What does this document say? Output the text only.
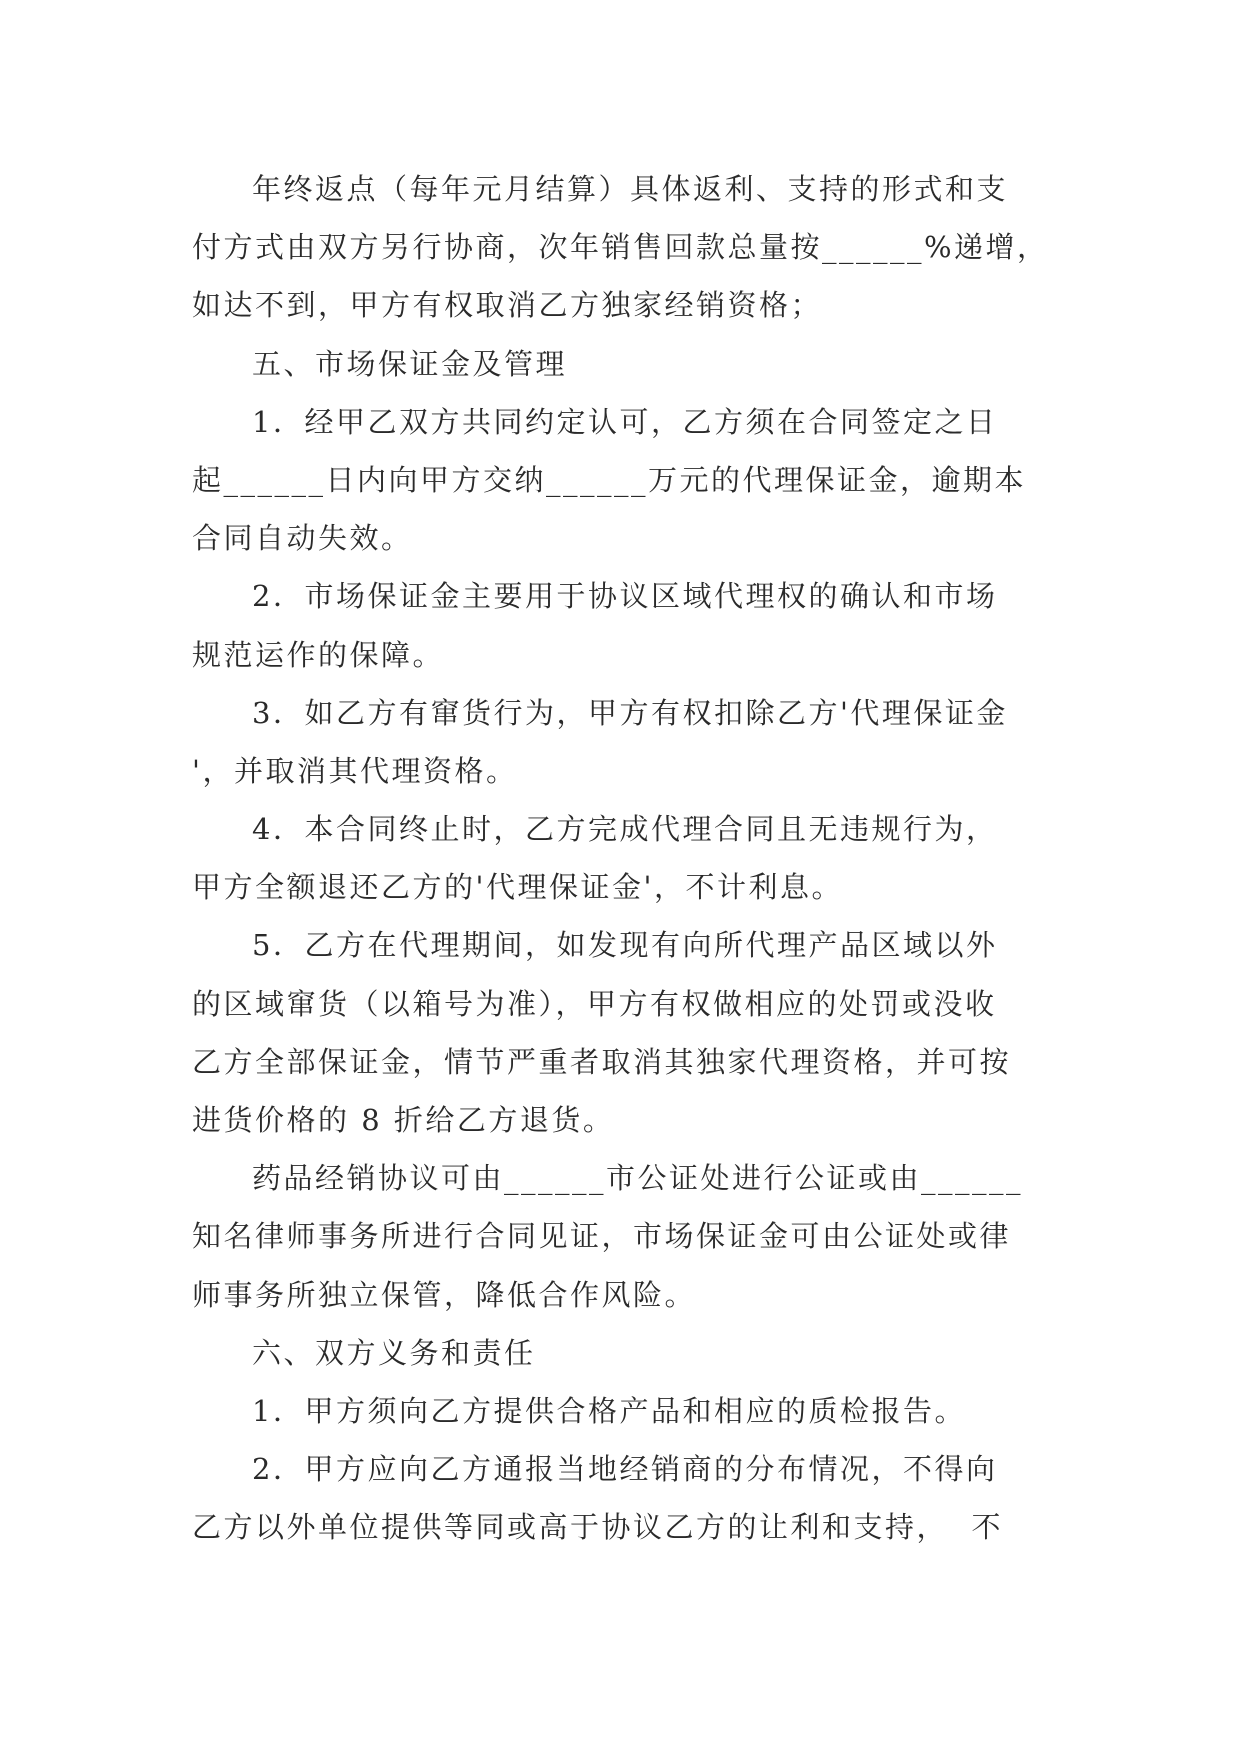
年终返点（每年元月结算）具体返利、支持的形式和支
付方式由双方另行协商，次年销售回款总量按______%递增，
如达不到，甲方有权取消乙方独家经销资格；
五、市场保证金及管理
1．经甲乙双方共同约定认可，乙方须在合同签定之日
起______日内向甲方交纳______万元的代理保证金，逾期本
合同自动失效。
2．市场保证金主要用于协议区域代理权的确认和市场
规范运作的保障。
3．如乙方有窜货行为，甲方有权扣除乙方'代理保证金
'，并取消其代理资格。
4．本合同终止时，乙方完成代理合同且无违规行为，
甲方全额退还乙方的'代理保证金'，不计利息。
5．乙方在代理期间，如发现有向所代理产品区域以外
的区域窜货（以箱号为准），甲方有权做相应的处罚或没收
乙方全部保证金，情节严重者取消其独家代理资格，并可按
进货价格的 8 折给乙方退货。
药品经销协议可由______市公证处进行公证或由______
知名律师事务所进行合同见证，市场保证金可由公证处或律
师事务所独立保管，降低合作风险。
六、双方义务和责任
1．甲方须向乙方提供合格产品和相应的质检报告。
2．甲方应向乙方通报当地经销商的分布情况，不得向
乙方以外单位提供等同或高于协议乙方的让利和支持，  不
